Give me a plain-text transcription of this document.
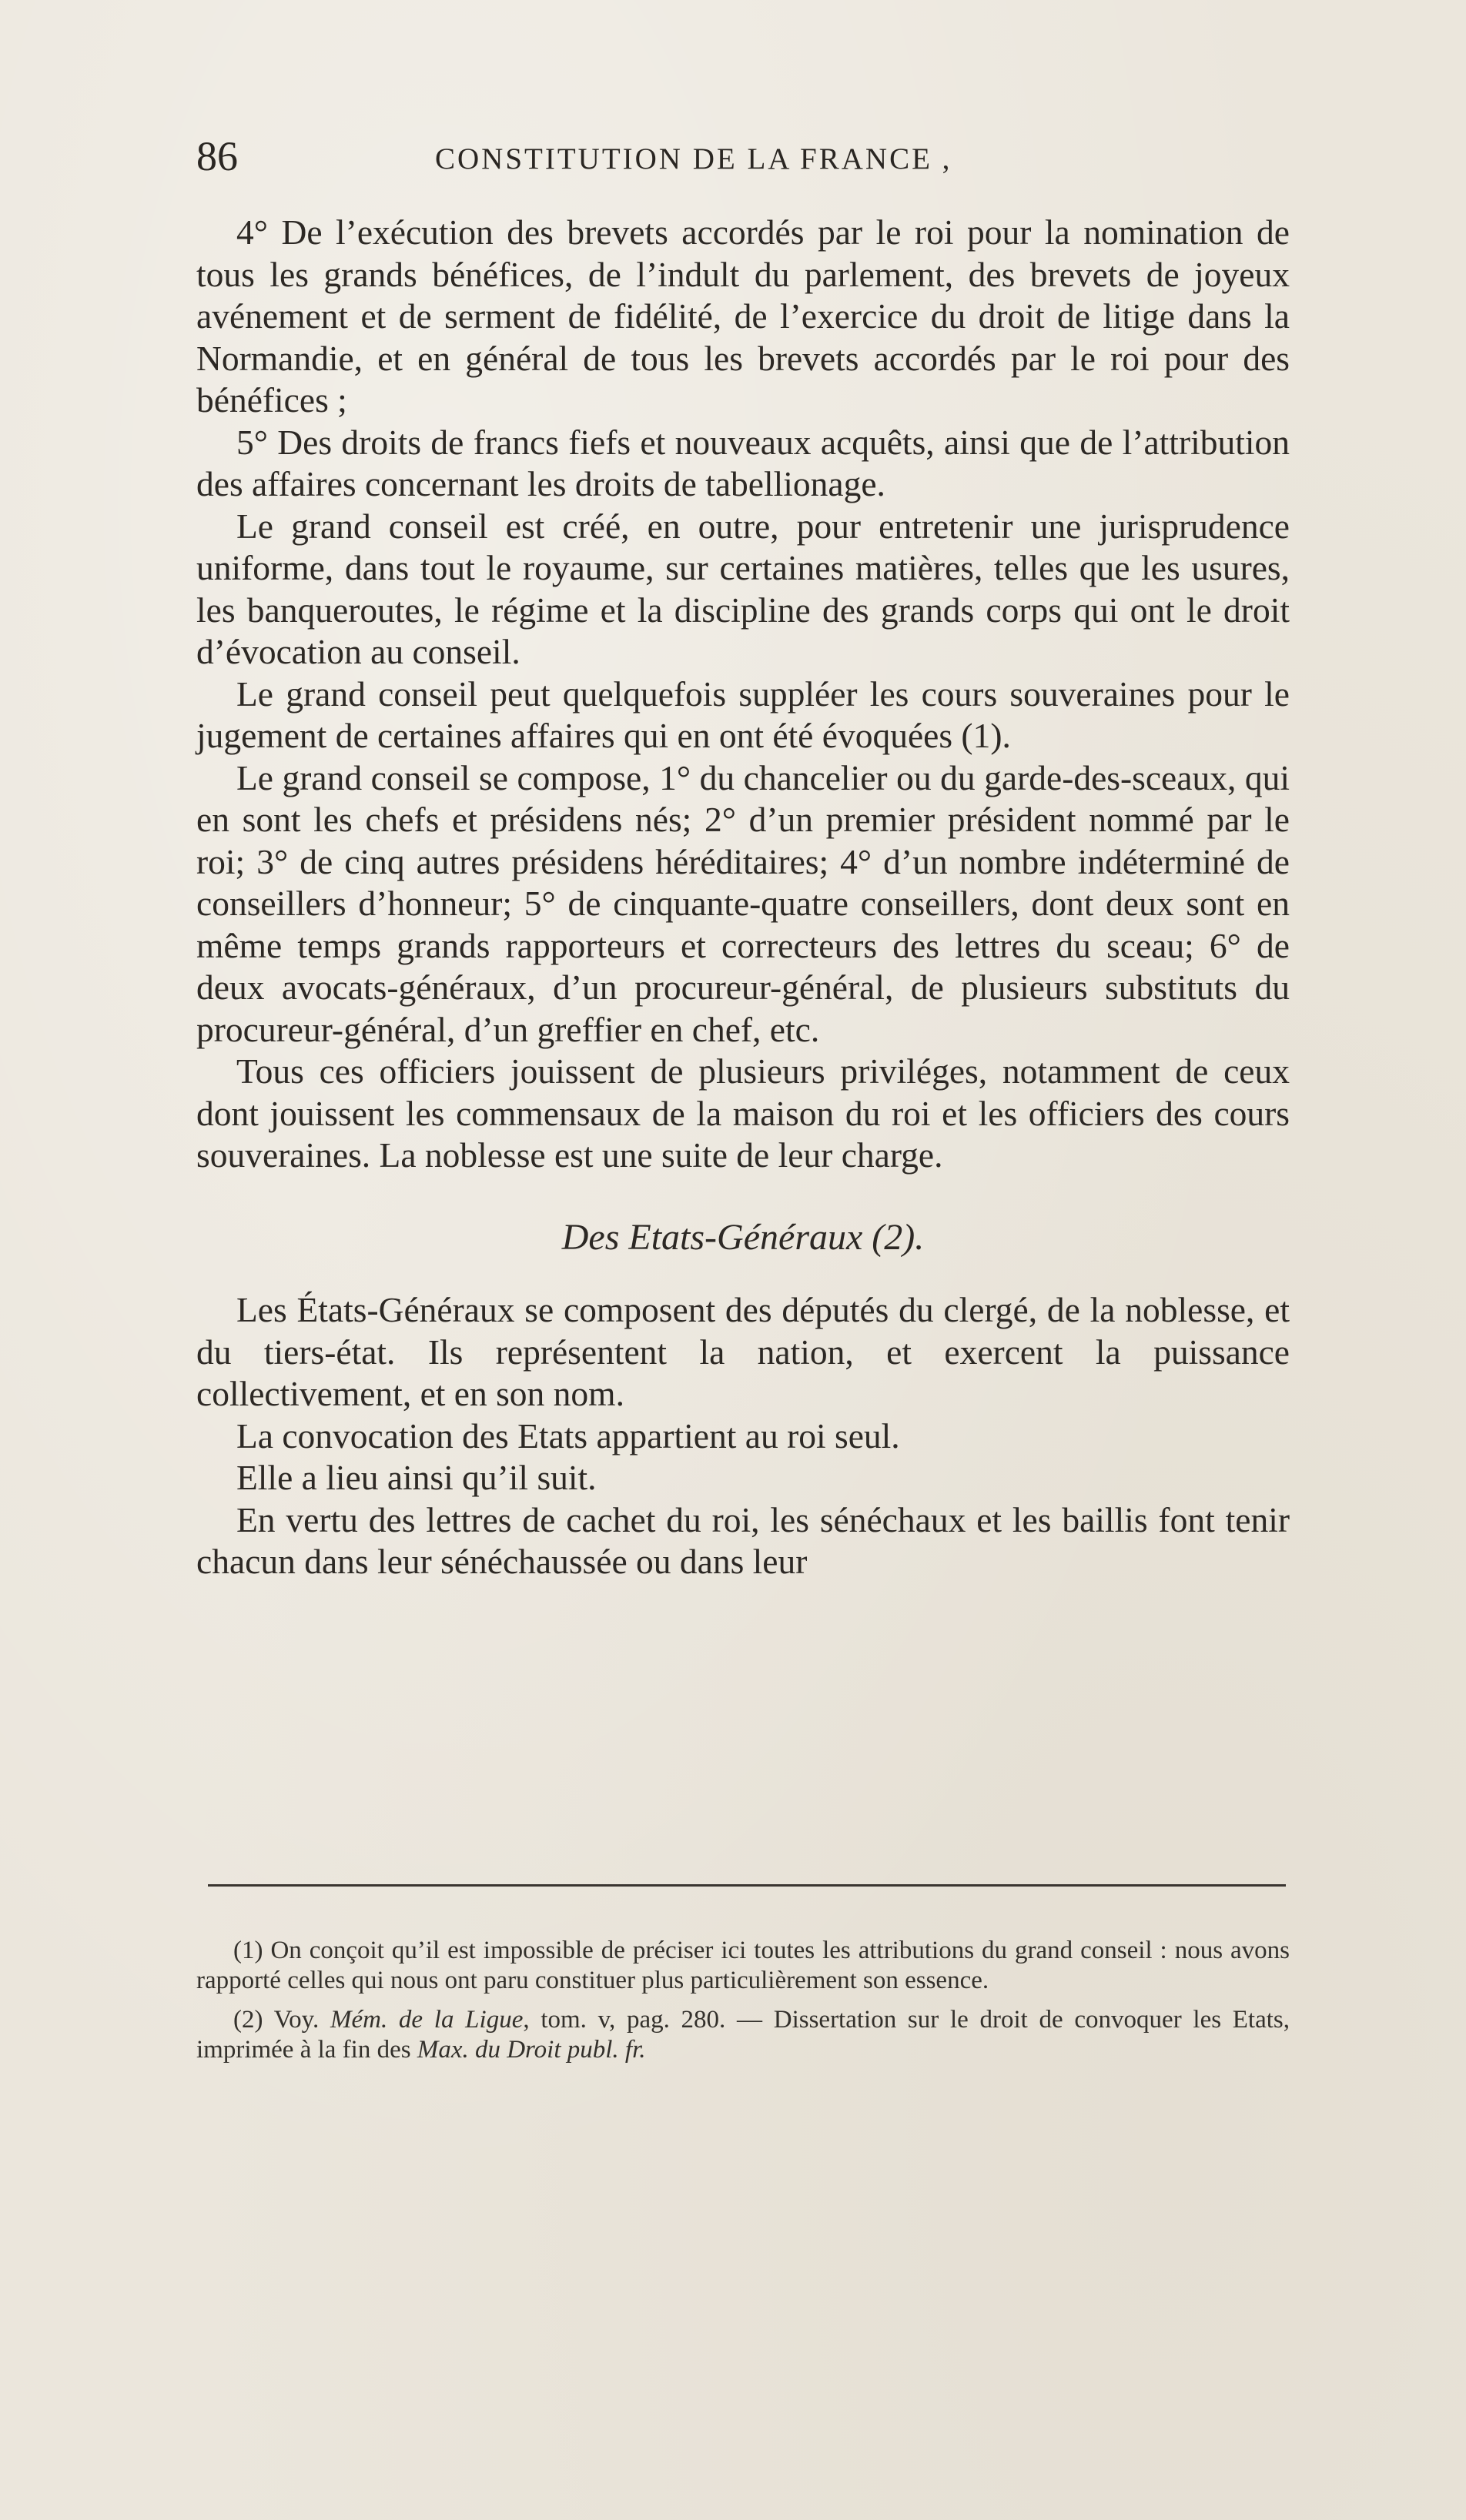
86	CONSTITUTION DE LA FRANCE ,

4° De l’exécution des brevets accordés par le roi pour la nomination de tous les grands bénéfices, de l’indult du parlement, des brevets de joyeux avénement et de serment de fidélité, de l’exercice du droit de litige dans la Normandie, et en général de tous les brevets accordés par le roi pour des bénéfices ;

5° Des droits de francs fiefs et nouveaux acquêts, ainsi que de l’attribution des affaires concernant les droits de tabellionage.

Le grand conseil est créé, en outre, pour entretenir une jurisprudence uniforme, dans tout le royaume, sur certaines matières, telles que les usures, les banqueroutes, le régime et la discipline des grands corps qui ont le droit d’évocation au conseil.

Le grand conseil peut quelquefois suppléer les cours souveraines pour le jugement de certaines affaires qui en ont été évoquées (1).

Le grand conseil se compose, 1° du chancelier ou du garde-des-sceaux, qui en sont les chefs et présidens nés; 2° d’un premier président nommé par le roi; 3° de cinq autres présidens héréditaires; 4° d’un nombre indéterminé de conseillers d’honneur; 5° de cinquante-quatre conseillers, dont deux sont en même temps grands rapporteurs et correcteurs des lettres du sceau; 6° de deux avocats-généraux, d’un procureur-général, de plusieurs substituts du procureur-général, d’un greffier en chef, etc.

Tous ces officiers jouissent de plusieurs priviléges, notamment de ceux dont jouissent les commensaux de la maison du roi et les officiers des cours souveraines. La noblesse est une suite de leur charge.

Des Etats-Généraux (2).

Les États-Généraux se composent des députés du clergé, de la noblesse, et du tiers-état. Ils représentent la nation, et exercent la puissance collectivement, et en son nom.

La convocation des Etats appartient au roi seul.

Elle a lieu ainsi qu’il suit.

En vertu des lettres de cachet du roi, les sénéchaux et les baillis font tenir chacun dans leur sénéchaussée ou dans leur

(1) On conçoit qu’il est impossible de préciser ici toutes les attributions du grand conseil : nous avons rapporté celles qui nous ont paru constituer plus particulièrement son essence.

(2) Voy. Mém. de la Ligue, tom. v, pag. 280. — Dissertation sur le droit de convoquer les Etats, imprimée à la fin des Max. du Droit publ. fr.
